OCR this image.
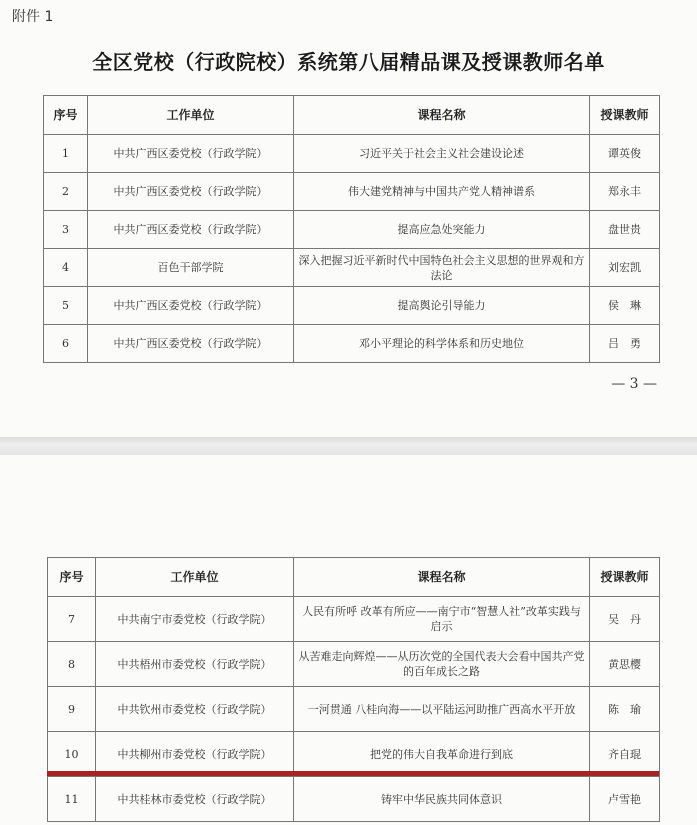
附件 1
全区党校（行政院校）系统第八届精品课及授课教师名单
序号	工作单位	课程名称	授课教师
1	中共广西区委党校（行政学院）	习近平关于社会主义社会建设论述	谭英俊
2	中共广西区委党校（行政学院）	伟大建党精神与中国共产党人精神谱系	郑永丰
3	中共广西区委党校（行政学院）	提高应急处突能力	盘世贵
4	百色干部学院	深入把握习近平新时代中国特色社会主义思想的世界观和方法论	刘宏凯
5	中共广西区委党校（行政学院）	提高舆论引导能力	侯　琳
6	中共广西区委党校（行政学院）	邓小平理论的科学体系和历史地位	吕　勇
— 3 —
序号	工作单位	课程名称	授课教师
7	中共南宁市委党校（行政学院）	人民有所呼 改革有所应——南宁市“智慧人社”改革实践与启示	吴　丹
8	中共梧州市委党校（行政学院）	从苦难走向辉煌——从历次党的全国代表大会看中国共产党的百年成长之路	黄思樱
9	中共钦州市委党校（行政学院）	一河贯通 八桂向海——以平陆运河助推广西高水平开放	陈　瑜
10	中共柳州市委党校（行政学院）	把党的伟大自我革命进行到底	齐自琨
11	中共桂林市委党校（行政学院）	铸牢中华民族共同体意识	卢雪艳
